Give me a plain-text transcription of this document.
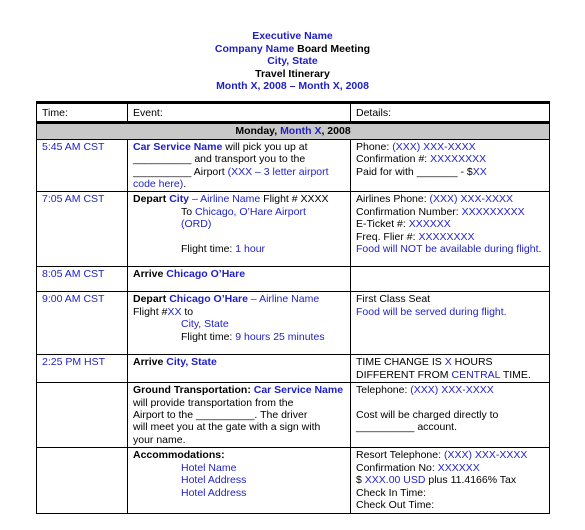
Executive Name
Company Name Board Meeting
City, State
Travel Itinerary
Month X, 2008 – Month X, 2008
Time:	Event:	Details:
Monday, Month X, 2008		
5:45 AM CST	Car Service Name will pick you up at
__________ and transport you to the
__________ Airport (XXX – 3 letter airport
code here).	Phone: (XXX) XXX-XXXX
Confirmation #: XXXXXXXX
Paid for with _______ - $XX
7:05 AM CST	Depart City – Airline Name Flight # XXXX

To Chicago, O’Hare Airport
(ORD)
Flight time: 1 hour	Airlines Phone: (XXX) XXX-XXXX
Confirmation Number: XXXXXXXXX
E-Ticket #: XXXXXX
Freq. Flier #: XXXXXXXX
Food will NOT be available during flight.
8:05 AM CST	Arrive Chicago O’Hare	
9:00 AM CST	Depart Chicago O’Hare – Airline Name
Flight #XX to

City, State
Flight time: 9 hours 25 minutes	First Class Seat
Food will be served during flight.
2:25 PM HST	Arrive City, State	TIME CHANGE IS X HOURS
DIFFERENT FROM CENTRAL TIME.
	Ground Transportation: Car Service Name will provide transportation from the
Airport to the __________. The driver
will meet you at the gate with a sign with
your name.	Telephone: (XXX) XXX-XXXX

Cost will be charged directly to

__________ account.

	Accommodations:

Hotel Name
Hotel Address
Hotel Address	Resort Telephone: (XXX) XXX-XXXX
Confirmation No: XXXXXX
$ XXX.00 USD plus 11.4166% Tax
Check In Time:
Check Out Time:
